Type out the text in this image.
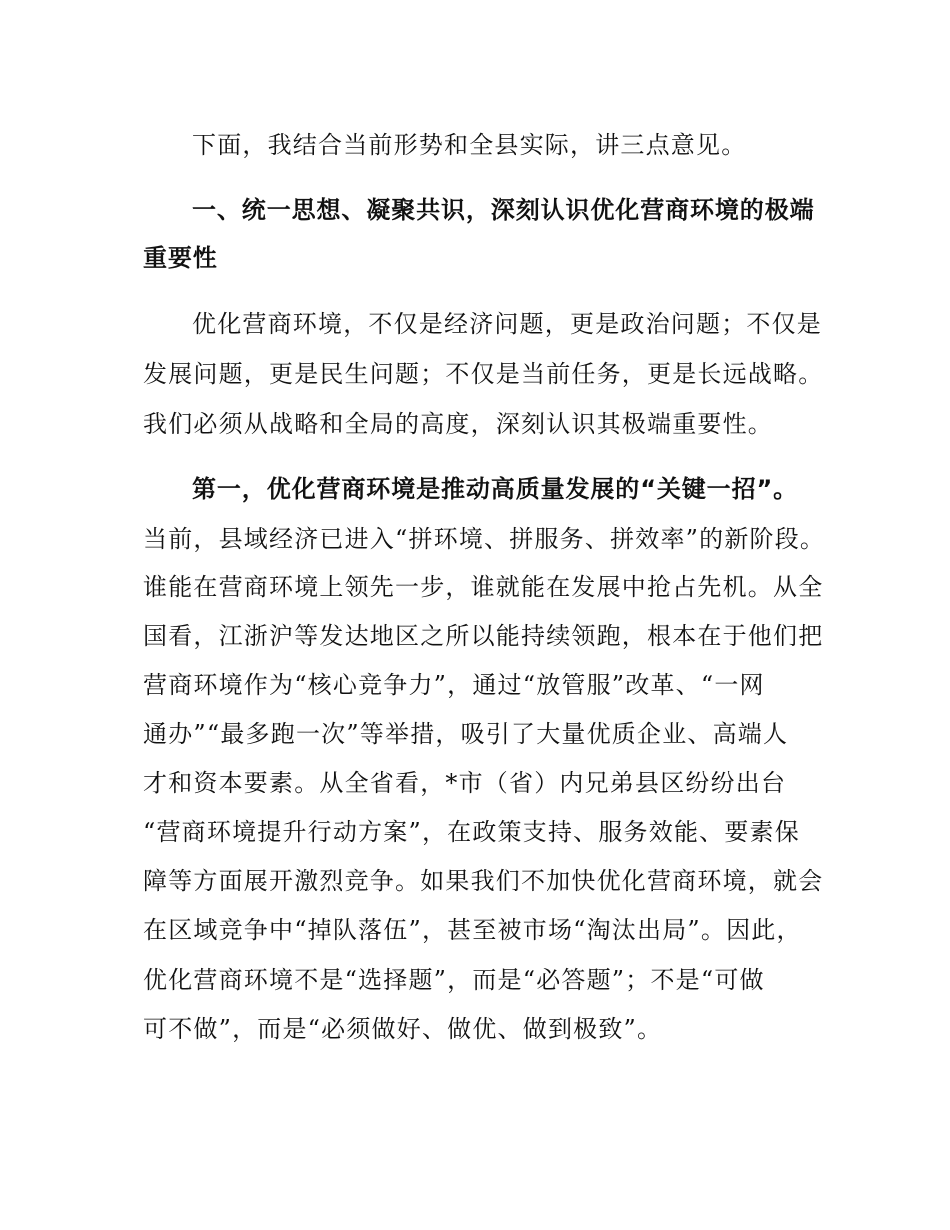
下面，我结合当前形势和全县实际，讲三点意见。
一、统一思想、凝聚共识，深刻认识优化营商环境的极端
重要性
优化营商环境，不仅是经济问题，更是政治问题；不仅是
发展问题，更是民生问题；不仅是当前任务，更是长远战略。
我们必须从战略和全局的高度，深刻认识其极端重要性。
第一，优化营商环境是推动高质量发展的“关键一招”。
当前，县域经济已进入“拼环境、拼服务、拼效率”的新阶段。
谁能在营商环境上领先一步，谁就能在发展中抢占先机。从全
国看，江浙沪等发达地区之所以能持续领跑，根本在于他们把
营商环境作为“核心竞争力”，通过“放管服”改革、“一网
通办”“最多跑一次”等举措，吸引了大量优质企业、高端人
才和资本要素。从全省看，*市（省）内兄弟县区纷纷出台
“营商环境提升行动方案”，在政策支持、服务效能、要素保
障等方面展开激烈竞争。如果我们不加快优化营商环境，就会
在区域竞争中“掉队落伍”，甚至被市场“淘汰出局”。因此，
优化营商环境不是“选择题”，而是“必答题”；不是“可做
可不做”，而是“必须做好、做优、做到极致”。
